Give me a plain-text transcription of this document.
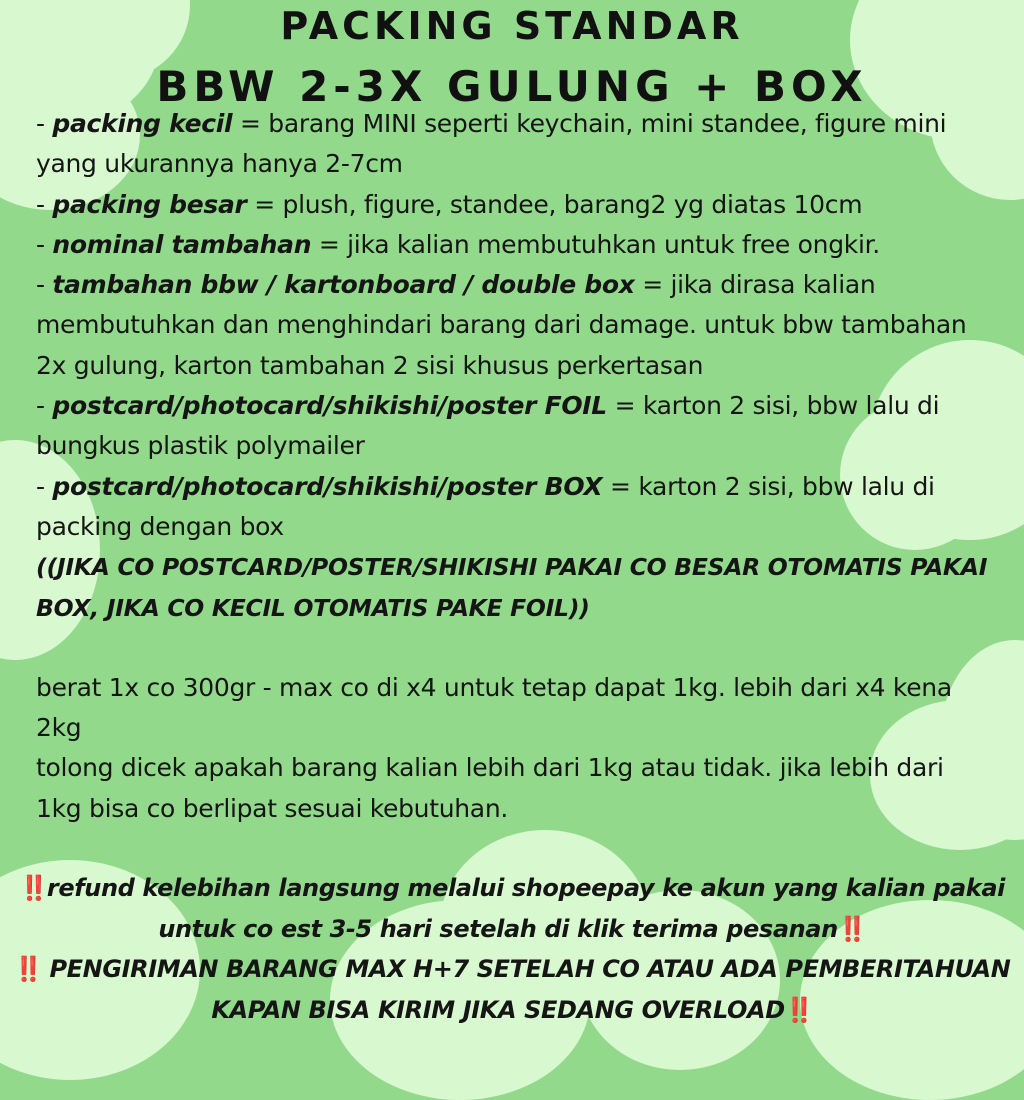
PACKING STANDAR
BBW 2-3X GULUNG + BOX

- packing kecil = barang MINI seperti keychain, mini standee, figure mini yang ukurannya hanya 2-7cm

- packing besar = plush, figure, standee, barang2 yg diatas 10cm

- nominal tambahan = jika kalian membutuhkan untuk free ongkir.

- tambahan bbw / kartonboard / double box = jika dirasa kalian membutuhkan dan menghindari barang dari damage. untuk bbw tambahan 2x gulung, karton tambahan 2 sisi khusus perkertasan

- postcard/photocard/shikishi/poster FOIL = karton 2 sisi, bbw lalu di bungkus plastik polymailer

- postcard/photocard/shikishi/poster BOX = karton 2 sisi, bbw lalu di packing dengan box

((JIKA CO POSTCARD/POSTER/SHIKISHI PAKAI CO BESAR OTOMATIS PAKAI BOX, JIKA CO KECIL OTOMATIS PAKE FOIL))

berat 1x co 300gr - max co di x4 untuk tetap dapat 1kg. lebih dari x4 kena 2kg

tolong dicek apakah barang kalian lebih dari 1kg atau tidak. jika lebih dari 1kg bisa co berlipat sesuai kebutuhan.

‼️ refund kelebihan langsung melalui shopeepay ke akun yang kalian pakai untuk co est 3-5 hari setelah di klik terima pesanan‼️

‼️ PENGIRIMAN BARANG MAX H+7 SETELAH CO ATAU ADA PEMBERITAHUAN KAPAN BISA KIRIM JIKA SEDANG OVERLOAD‼️
